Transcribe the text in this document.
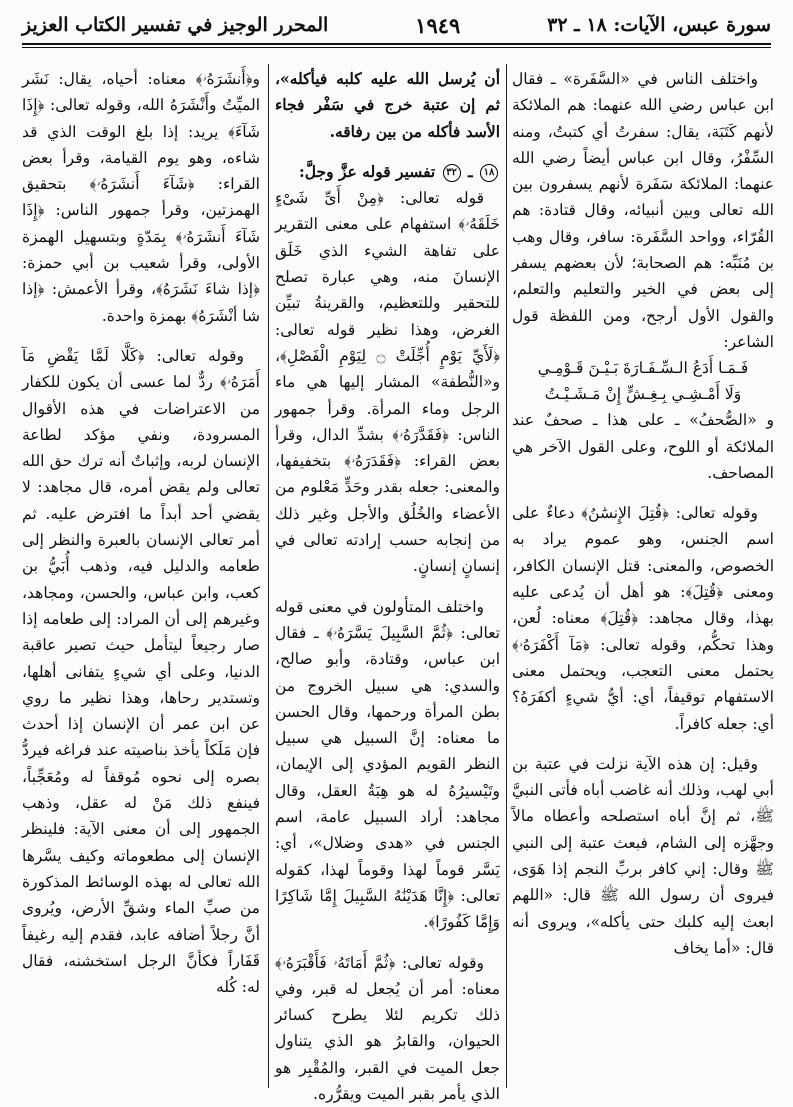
سورة عبس، الآيات: ١٨ ـ ٣٢
١٩٤٩
المحرر الوجيز في تفسير الكتاب العزيز

واختلف الناس في «السَّفَرة» ـ فقال ابن عباس رضي الله عنهما: هم الملائكة لأنهم كَتَبَة، يقال: سفرتُ أي كتبتُ، ومنه السِّفْرُ، وقال ابن عباس أيضاً رضي الله عنهما: الملائكة سَفَرة لأنهم يسفرون بين الله تعالى وبين أنبيائه، وقال قتادة: هم القُرّاء، وواحد السَّفَرة: سافر، وقال وهب بن مُنَبِّه: هم الصحابة؛ لأن بعضهم يسفر إلى بعض في الخير والتعليم والتعلم، والقول الأول أرجح، ومن اللفظة قول الشاعر:

فَـمَـا أَدَعُ الـسِّـفَـارَةَ بَـيْـنَ قَـوْمِـي

وَلَا أَمْـشِـي بِـغِـشٍّ إِنْ مَـشَـيْـتُ

و «الصُّحفُ» ـ على هذا ـ صحفٌ عند الملائكة أو اللوح، وعلى القول الآخر هي المصاحف.

وقوله تعالى: ﴿قُتِلَ الإِنسَٰنُ﴾ دعاءٌ على اسم الجنس، وهو عموم يراد به الخصوص، والمعنى: قتل الإنسان الكافر، ومعنى ﴿قُتِلَ﴾: هو أهل أن يُدعى عليه بهذا، وقال مجاهد: ﴿قُتِلَ﴾ معناه: لُعن، وهذا تحكُّم، وقوله تعالى: ﴿مَآ أَكْفَرَهُۥ﴾ يحتمل معنى التعجب، ويحتمل معنى الاستفهام توقيفاً، أي: أيُّ شيءٍ أكفَرَهُ؟ أي: جعله كافراً.

وقيل: إن هذه الآية نزلت في عتبة بن أبي لهب، وذلك أنه غاضب أباه فأتى النبيَّ ﷺ، ثم إنَّ أباه استصلحه وأعطاه مالاً وجهَّزه إلى الشام، فبعث عتبة إلى النبي ﷺ وقال: إني كافر بربِّ النجم إذا هَوَى، فيروى أن رسول الله ﷺ قال: «اللهم ابعث إليه كلبك حتى يأكله»، ويروى أنه قال: «أما يخاف

أن يُرسل الله عليه كلبه فيأكله»، ثم إن عتبة خرج في سَفْر فجاء الأسد فأكله من بين رفاقه.

١٨ ـ ٣٢ تفسير قوله عزَّ وجلَّ:

قوله تعالى: ﴿مِنْ أَىِّ شَىْءٍ خَلَقَهُۥ﴾ استفهام على معنى التقرير على تفاهة الشيء الذي خَلَق الإنسانَ منه، وهي عبارة تصلح للتحقير وللتعظيم، والقرينةُ تبيِّن الغرض، وهذا نظير قوله تعالى: ﴿لَأَيِّ يَوْمٍ أُجِّلَتْ ۝ لِيَوْمِ الْفَصْلِ﴾، و«النُّطفة» المشار إليها هي ماء الرجل وماء المرأة. وقرأ جمهور الناس: ﴿فَقَدَّرَهُۥ﴾ بشدِّ الدال، وقرأ بعض القراء: ﴿فَقَدَرَهُۥ﴾ بتخفيفها، والمعنى: جعله بقدر وحَدٍّ مَعْلوم من الأعضاء والخُلُق والأجل وغير ذلك من إنجابه حسب إرادته تعالى في إنسانٍ إنسانٍ.

واختلف المتأولون في معنى قوله تعالى: ﴿ثُمَّ السَّبِيلَ يَسَّرَهُۥ﴾ ـ فقال ابن عباس، وقتادة، وأبو صالح، والسدي: هي سبيل الخروج من بطن المرأة ورحمها، وقال الحسن ما معناه: إنَّ السبيل هي سبيل النظر القويم المؤدي إلى الإيمان، وتَيْسيرُهُ له هو هِبَةُ العقل، وقال مجاهد: أراد السبيل عامة، اسم الجنس في «هدى وضلال»، أي: يَسَّر قوماً لهذا وقوماً لهذا، كقوله تعالى: ﴿إِنَّا هَدَيْنَٰهُ السَّبِيلَ إِمَّا شَاكِرًا وَإِمَّا كَفُورًا﴾.

وقوله تعالى: ﴿ثُمَّ أَمَاتَهُۥ فَأَقْبَرَهُۥ﴾ معناه: أمر أن يُجعل له قبر، وفي ذلك تكريم لئلا يطرح كسائر الحيوان، والقابرُ هو الذي يتناول جعل الميت في القبر، والمُقْبِر هو الذي يأمر بقبر الميت ويقرُّره.

و﴿أَنشَرَهُۥ﴾ معناه: أحياه، يقال: نَشَر الميِّتُ وأَنْشَرَهُ الله، وقوله تعالى: ﴿إِذَا شَآءَ﴾ يريد: إذا بلغ الوقت الذي قد شاءه، وهو يوم القيامة، وقرأ بعض القراء: ﴿شَآءَ أَنشَرَهُۥ﴾ بتحقيق الهمزتين، وقرأ جمهور الناس: ﴿إِذَا شَآءَ أَنشَرَهُۥ﴾ بِمَدّةٍ وبتسهيل الهمزة الأولى، وقرأ شعيب بن أبي حمزة: ﴿إذا شاءَ نَشَرَهُ﴾، وقرأ الأعمش: ﴿إذا شا أنْشَرَهُ﴾ بهمزة واحدة.

وقوله تعالى: ﴿كَلَّا لَمَّا يَقْضِ مَآ أَمَرَهُۥ﴾ ردٌّ لما عسى أن يكون للكفار من الاعتراضات في هذه الأقوال المسرودة، ونفي مؤكد لطاعة الإنسان لربه، وإثباتٌ أنه ترك حق الله تعالى ولم يقض أمره، قال مجاهد: لا يقضي أحد أبداً ما افترض عليه. ثم أمر تعالى الإنسان بالعبرة والنظر إلى طعامه والدليل فيه، وذهب أُبَيُّ بن كعب، وابن عباس، والحسن، ومجاهد، وغيرهم إلى أن المراد: إلى طعامه إذا صار رجيعاً ليتأمل حيث تصير عاقبة الدنيا، وعلى أي شيءٍ يتفانى أهلها، وتستدير رحاها، وهذا نظير ما روي عن ابن عمر أن الإنسان إذا أحدث فإن مَلَكاً يأخذ بناصيته عند فراغه فيردُّ بصره إلى نحوه مُوقفاً له ومُعَجِّباً، فينفع ذلك مَنْ له عقل، وذهب الجمهور إلى أن معنى الآية: فلينظر الإنسان إلى مطعوماته وكيف يسَّرها الله تعالى له بهذه الوسائط المذكورة من صبِّ الماء وشقِّ الأرض، ويُروى أنَّ رجلاً أضافه عابد، فقدم إليه رغيفاً قَفَاراً فكأنَّ الرجل استخشنه، فقال له: كُله
